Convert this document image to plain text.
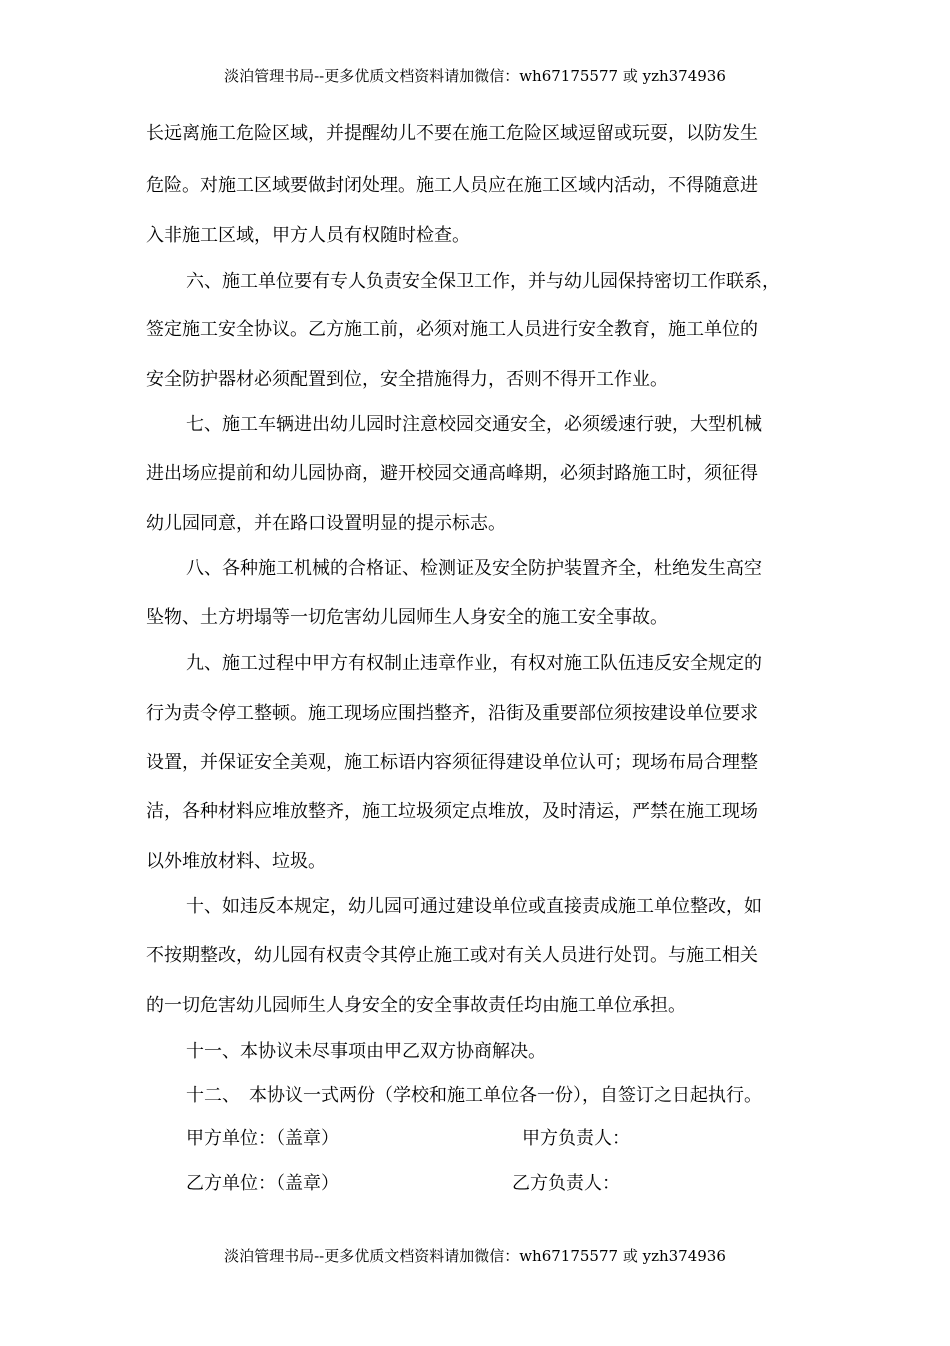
淡泊管理书局--更多优质文档资料请加微信：wh67175577 或 yzh374936
长远离施工危险区域，并提醒幼儿不要在施工危险区域逗留或玩耍，以防发生
危险。对施工区域要做封闭处理。施工人员应在施工区域内活动，不得随意进
入非施工区域，甲方人员有权随时检查。
六、施工单位要有专人负责安全保卫工作，并与幼儿园保持密切工作联系，
签定施工安全协议。乙方施工前，必须对施工人员进行安全教育，施工单位的
安全防护器材必须配置到位，安全措施得力，否则不得开工作业。
七、施工车辆进出幼儿园时注意校园交通安全，必须缓速行驶，大型机械
进出场应提前和幼儿园协商，避开校园交通高峰期，必须封路施工时，须征得
幼儿园同意，并在路口设置明显的提示标志。
八、各种施工机械的合格证、检测证及安全防护装置齐全，杜绝发生高空
坠物、土方坍塌等一切危害幼儿园师生人身安全的施工安全事故。
九、施工过程中甲方有权制止违章作业，有权对施工队伍违反安全规定的
行为责令停工整顿。施工现场应围挡整齐，沿街及重要部位须按建设单位要求
设置，并保证安全美观，施工标语内容须征得建设单位认可；现场布局合理整
洁，各种材料应堆放整齐，施工垃圾须定点堆放，及时清运，严禁在施工现场
以外堆放材料、垃圾。
十、如违反本规定，幼儿园可通过建设单位或直接责成施工单位整改，如
不按期整改，幼儿园有权责令其停止施工或对有关人员进行处罚。与施工相关
的一切危害幼儿园师生人身安全的安全事故责任均由施工单位承担。
十一、本协议未尽事项由甲乙双方协商解决。
十二、　本协议一式两份（学校和施工单位各一份），自签订之日起执行。
甲方单位：（盖章）	甲方负责人：
乙方单位：（盖章）	乙方负责人：
淡泊管理书局--更多优质文档资料请加微信：wh67175577 或 yzh374936
